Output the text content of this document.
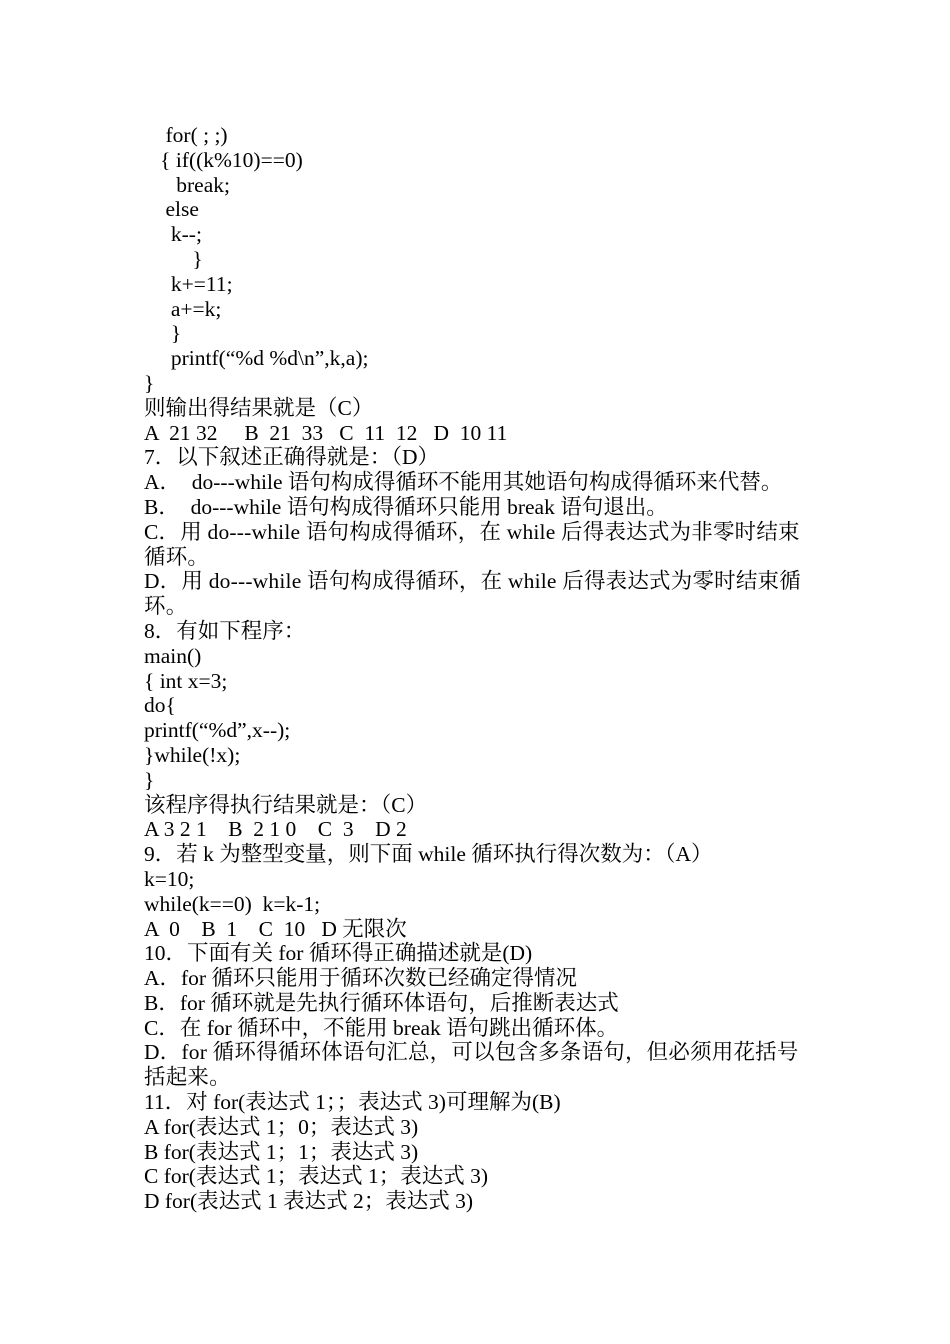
for( ; ;)
{ if((k%10)==0)
break;
else
k--;
}
k+=11;
a+=k;
}
printf(“%d %d\n”,k,a);
}
则输出得结果就是（C）
A  21 32     B  21  33   C  11  12   D  10 11
7．以下叙述正确得就是：（D）
A．  do---while 语句构成得循环不能用其她语句构成得循环来代替。
B．  do---while 语句构成得循环只能用 break 语句退出。
C．用 do---while 语句构成得循环，在 while 后得表达式为非零时结束循环。
D．用 do---while 语句构成得循环，在 while 后得表达式为零时结束循环。
8．有如下程序：
main()
{ int x=3;
do{
printf(“%d”,x--);
}while(!x);
}
该程序得执行结果就是：（C）
A 3 2 1    B  2 1 0    C  3    D 2
9．若 k 为整型变量，则下面 while 循环执行得次数为：（A）
k=10;
while(k==0)  k=k-1;
A  0    B  1    C  10   D 无限次
10．下面有关 for 循环得正确描述就是(D)
A．for 循环只能用于循环次数已经确定得情况
B．for 循环就是先执行循环体语句，后推断表达式
C．在 for 循环中，不能用 break 语句跳出循环体。
D．for 循环得循环体语句汇总，可以包含多条语句，但必须用花括号括起来。
11．对 for(表达式 1；；表达式 3)可理解为(B)
A for(表达式 1；0；表达式 3)
B for(表达式 1；1；表达式 3)
C for(表达式 1；表达式 1；表达式 3)
D for(表达式 1 表达式 2；表达式 3)
